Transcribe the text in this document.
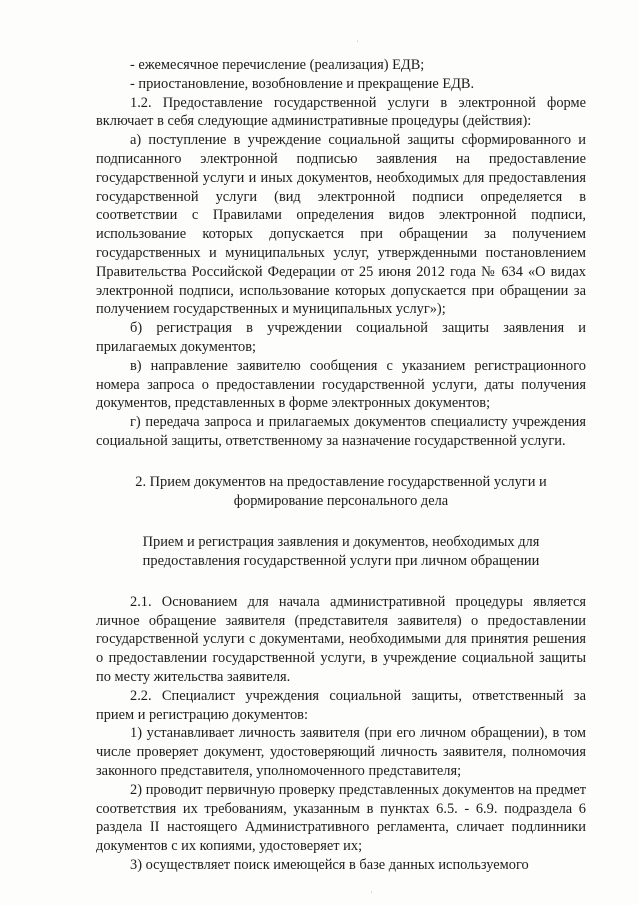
ˈ
ˌ

- ежемесячное перечисление (реализация) ЕДВ;

- приостановление, возобновление и прекращение ЕДВ.

1.2. Предоставление государственной услуги в электронной форме включает в себя следующие административные процедуры (действия):

а) поступление в учреждение социальной защиты сформированного и подписанного электронной подписью заявления на предоставление государственной услуги и иных документов, необходимых для предоставления государственной услуги (вид электронной подписи определяется в соответствии с Правилами определения видов электронной подписи, использование которых допускается при обращении за получением государственных и муниципальных услуг, утвержденными постановлением Правительства Российской Федерации от 25 июня 2012 года № 634 «О видах электронной подписи, использование которых допускается при обращении за получением государственных и муниципальных услуг»);

б) регистрация в учреждении социальной защиты заявления и прилагаемых документов;

в) направление заявителю сообщения с указанием регистрационного номера запроса о предоставлении государственной услуги, даты получения документов, представленных в форме электронных документов;

г) передача запроса и прилагаемых документов специалисту учреждения социальной защиты, ответственному за назначение государственной услуги.

2. Прием документов на предоставление государственной услуги и формирование персонального дела

Прием и регистрация заявления и документов, необходимых для предоставления государственной услуги при личном обращении

2.1. Основанием для начала административной процедуры является личное обращение заявителя (представителя заявителя) о предоставлении государственной услуги с документами, необходимыми для принятия решения о предоставлении государственной услуги, в учреждение социальной защиты по месту жительства заявителя.

2.2. Специалист учреждения социальной защиты, ответственный за прием и регистрацию документов:

1) устанавливает личность заявителя (при его личном обращении), в том числе проверяет документ, удостоверяющий личность заявителя, полномочия законного представителя, уполномоченного представителя;

2) проводит первичную проверку представленных документов на предмет соответствия их требованиям, указанным в пунктах 6.5. - 6.9. подраздела 6 раздела II настоящего Административного регламента, сличает подлинники документов с их копиями, удостоверяет их;

3) осуществляет поиск имеющейся в базе данных используемого
